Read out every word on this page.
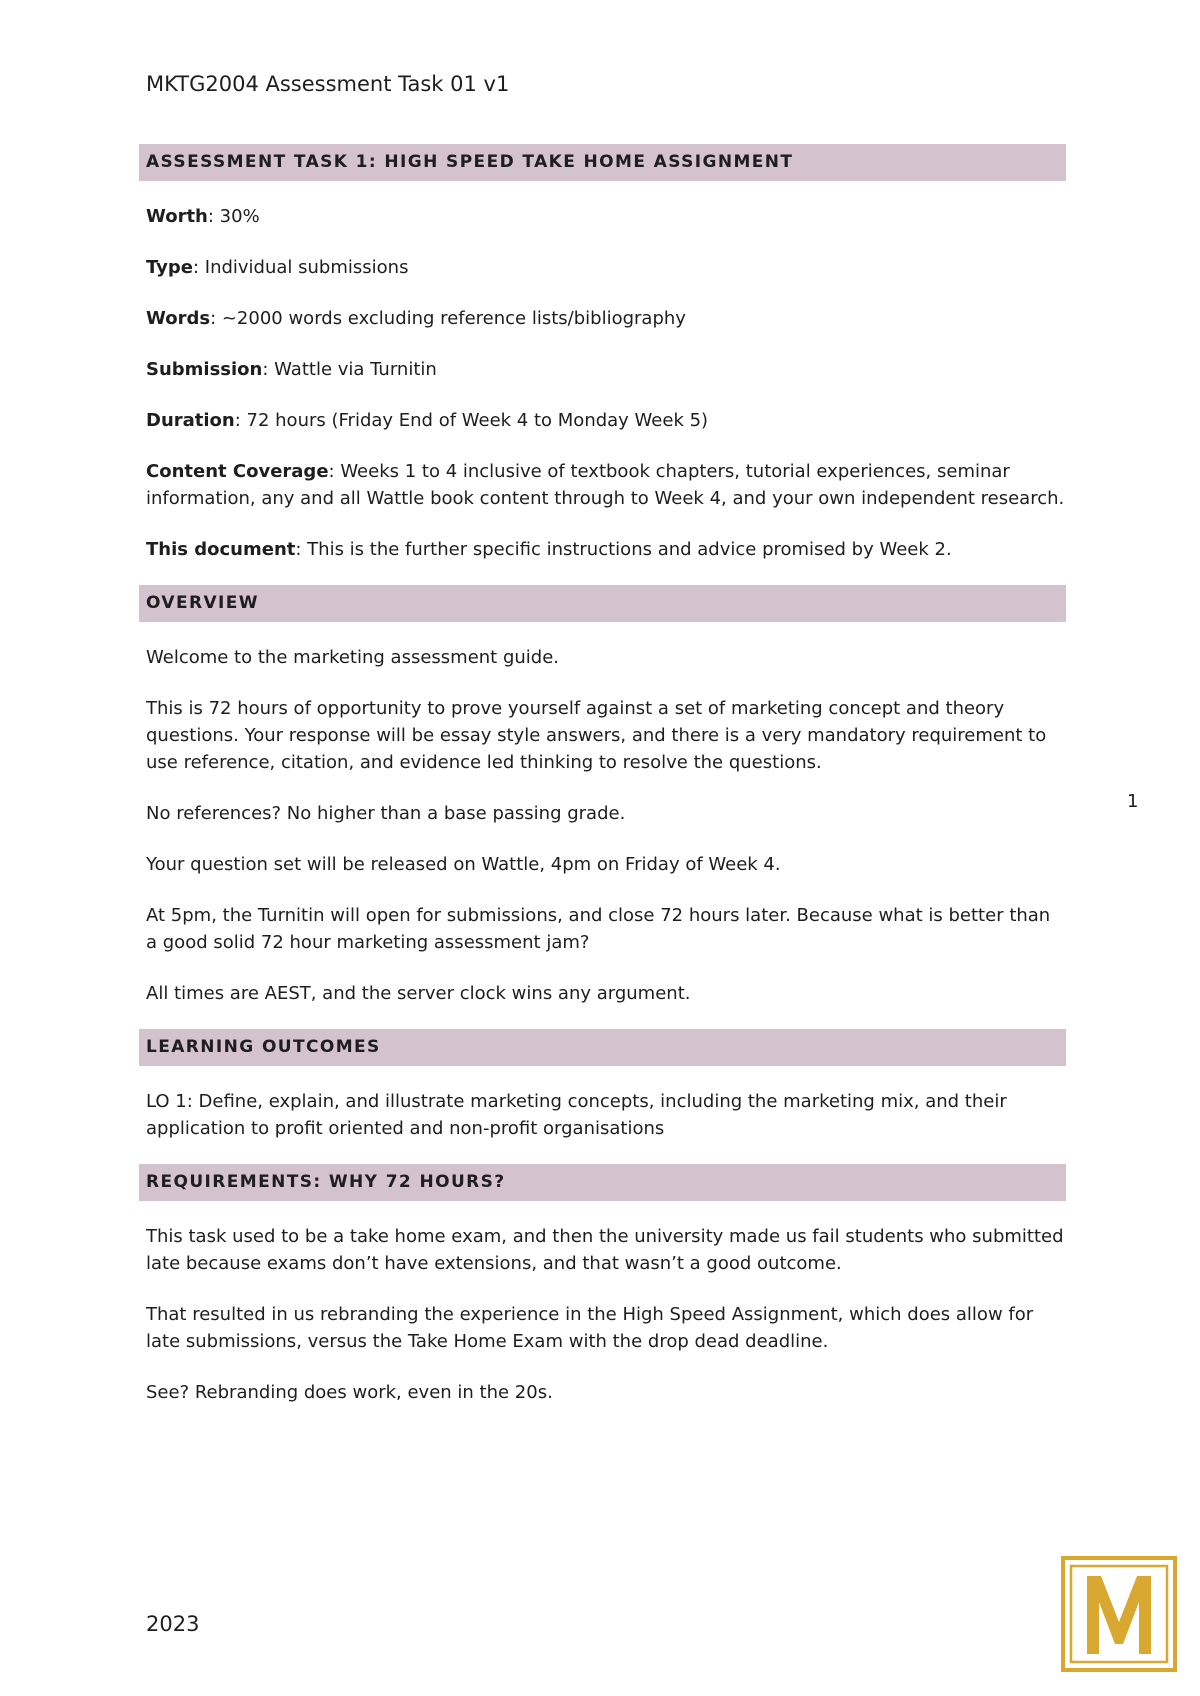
MKTG2004 Assessment Task 01 v1
ASSESSMENT TASK 1: HIGH SPEED TAKE HOME ASSIGNMENT

Worth: 30%

Type: Individual submissions

Words: ~2000 words excluding reference lists/bibliography

Submission: Wattle via Turnitin

Duration: 72 hours (Friday End of Week 4 to Monday Week 5)

Content Coverage: Weeks 1 to 4 inclusive of textbook chapters, tutorial experiences, seminar information, any and all Wattle book content through to Week 4, and your own independent research.

This document: This is the further specific instructions and advice promised by Week 2.

OVERVIEW

Welcome to the marketing assessment guide.

This is 72 hours of opportunity to prove yourself against a set of marketing concept and theory questions. Your response will be essay style answers, and there is a very mandatory requirement to use reference, citation, and evidence led thinking to resolve the questions.

No references? No higher than a base passing grade.

Your question set will be released on Wattle, 4pm on Friday of Week 4.

At 5pm, the Turnitin will open for submissions, and close 72 hours later. Because what is better than a good solid 72 hour marketing assessment jam?

All times are AEST, and the server clock wins any argument.

LEARNING OUTCOMES

LO 1: Define, explain, and illustrate marketing concepts, including the marketing mix, and their application to profit oriented and non-profit organisations

REQUIREMENTS: WHY 72 HOURS?

This task used to be a take home exam, and then the university made us fail students who submitted late because exams don’t have extensions, and that wasn’t a good outcome.

That resulted in us rebranding the experience in the High Speed Assignment, which does allow for late submissions, versus the Take Home Exam with the drop dead deadline.

See? Rebranding does work, even in the 20s.

1
2023
